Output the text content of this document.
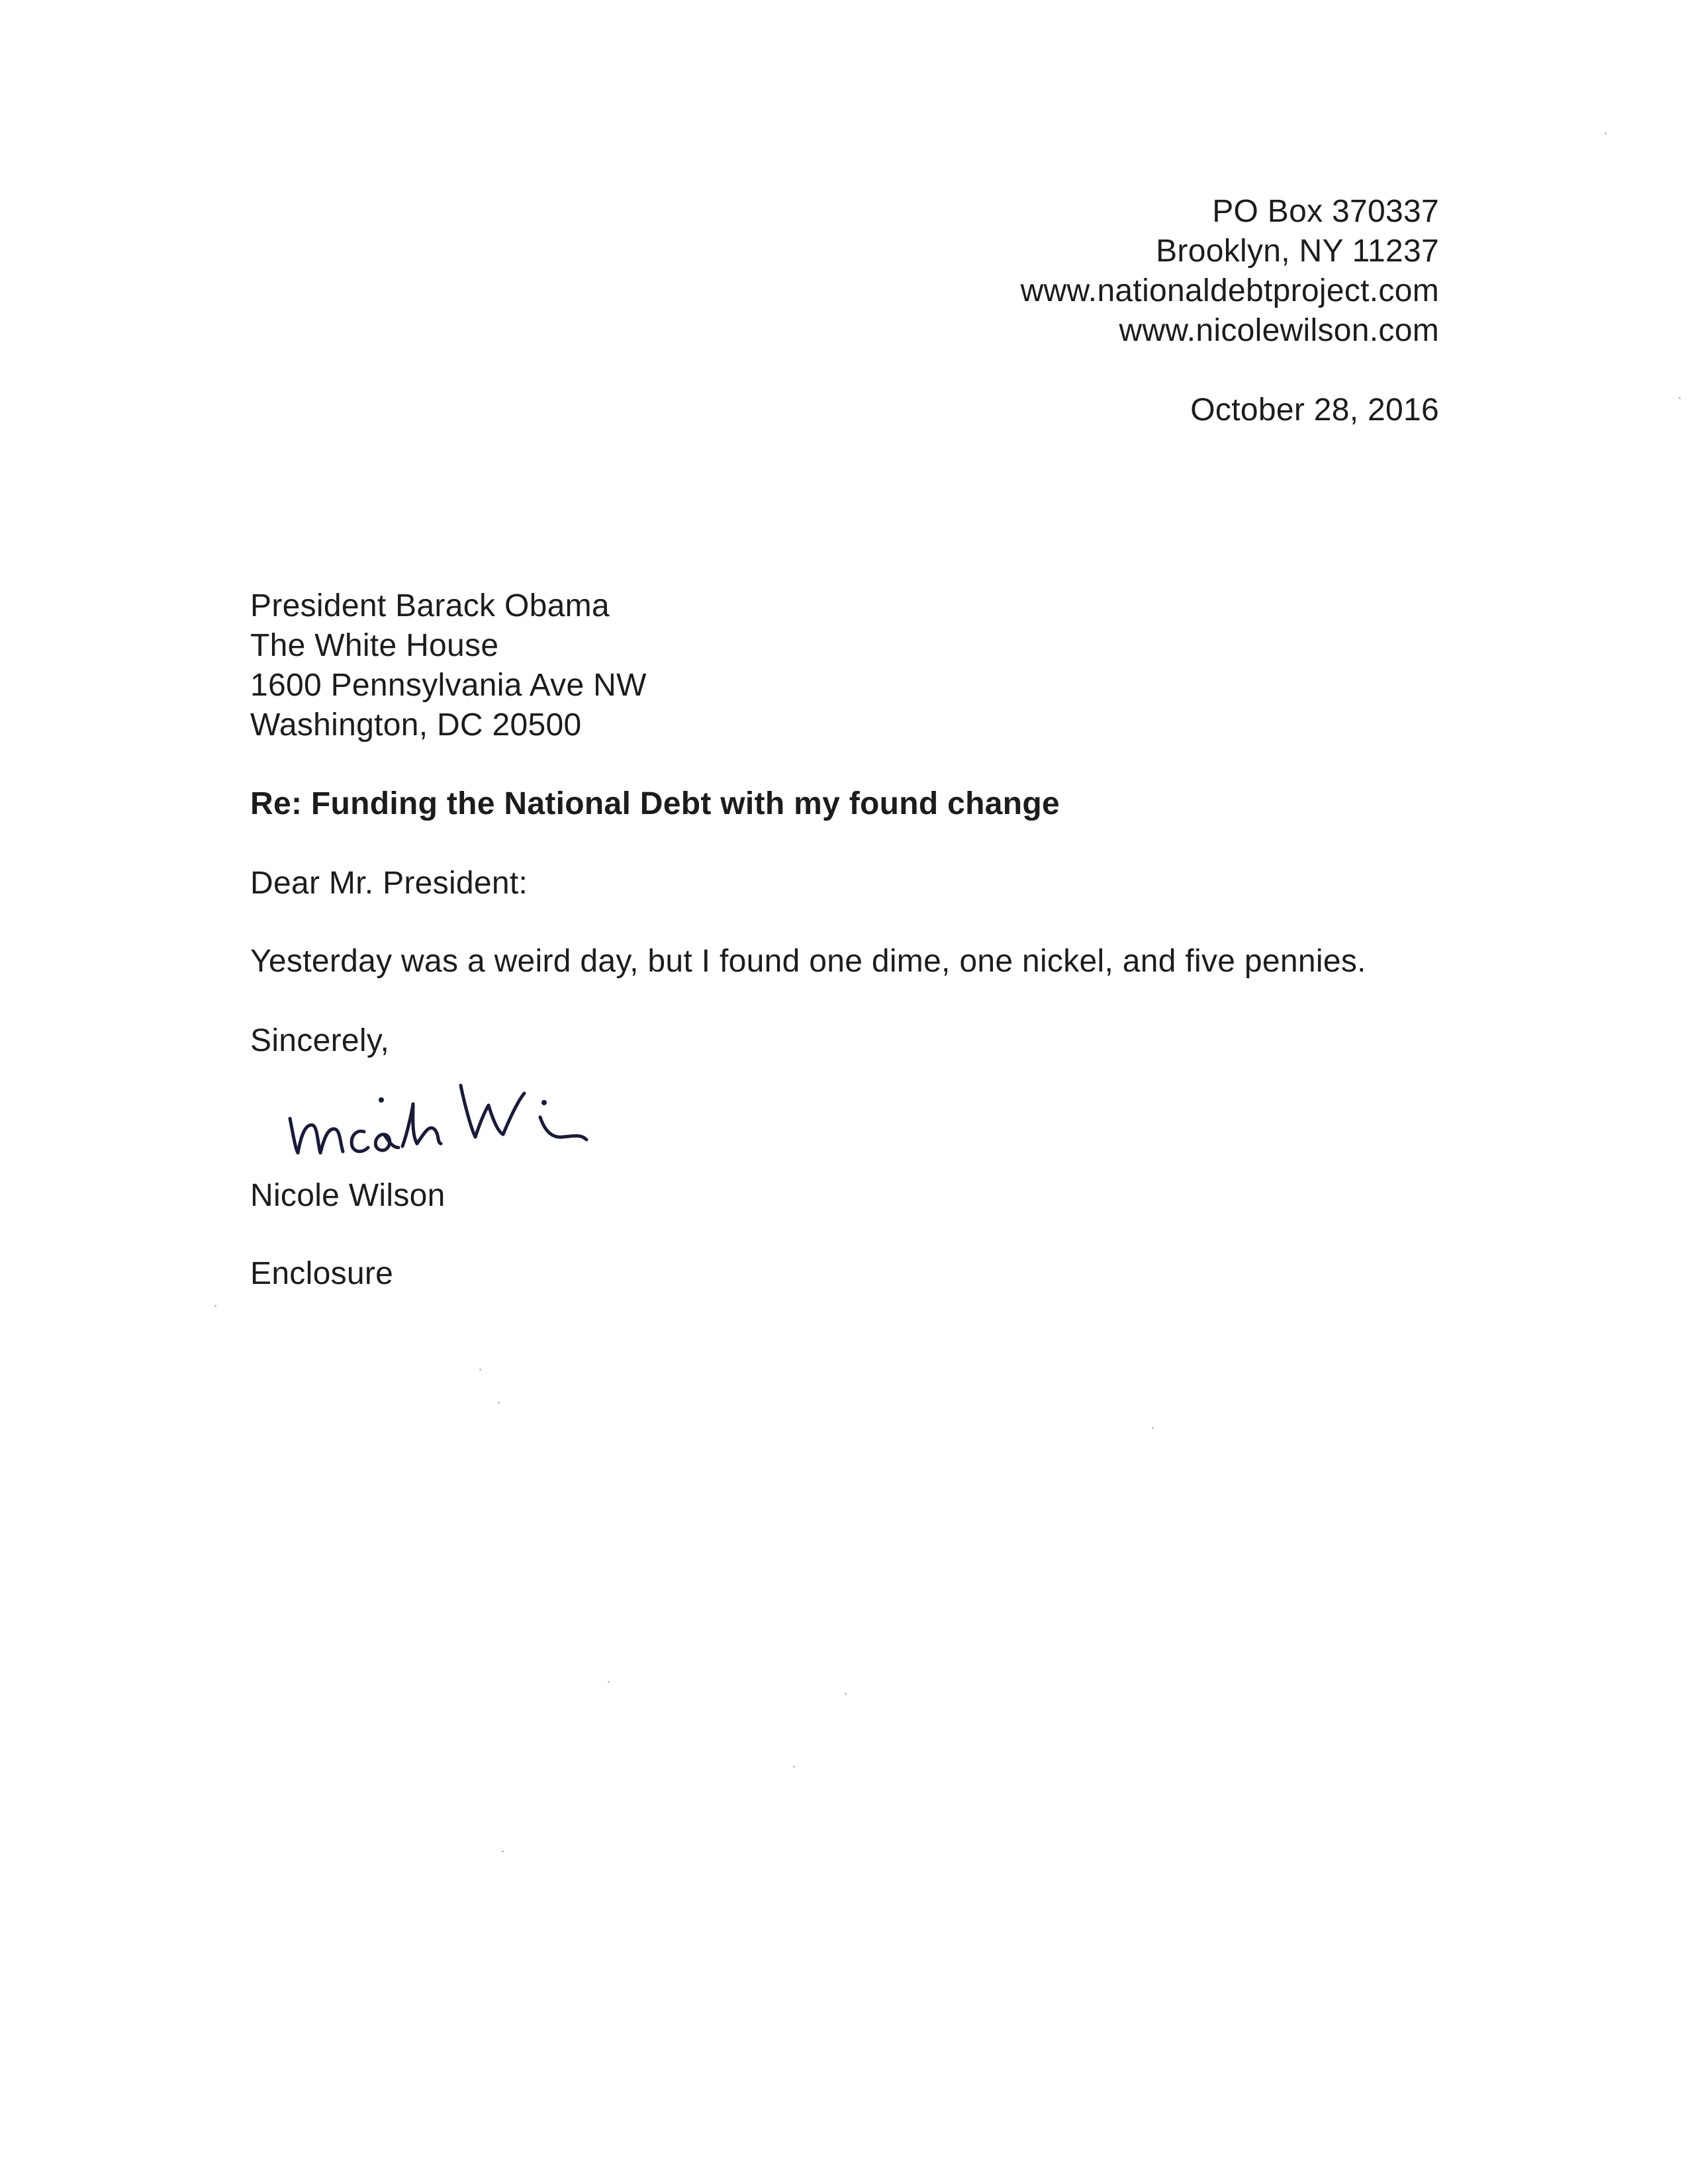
PO Box 370337
Brooklyn, NY 11237
www.nationaldebtproject.com
www.nicolewilson.com
October 28, 2016
President Barack Obama
The White House
1600 Pennsylvania Ave NW
Washington, DC 20500
Re: Funding the National Debt with my found change
Dear Mr. President:
Yesterday was a weird day, but I found one dime, one nickel, and five pennies.
Sincerely,
Nicole Wilson
Enclosure
